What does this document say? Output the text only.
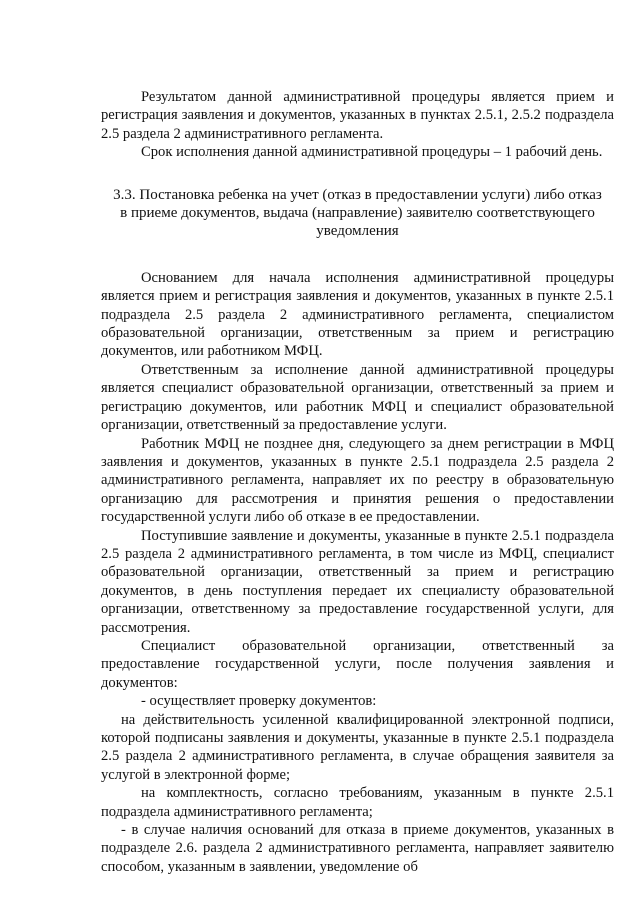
Результатом данной административной процедуры является прием и регистрация заявления и документов, указанных в пунктах 2.5.1, 2.5.2 подраздела 2.5 раздела 2 административного регламента.

Срок исполнения данной административной процедуры – 1 рабочий день.

3.3. Постановка ребенка на учет (отказ в предоставлении услуги) либо отказ в приеме документов, выдача (направление) заявителю соответствующего уведомления

Основанием для начала исполнения административной процедуры является прием и регистрация заявления и документов, указанных в пункте 2.5.1 подраздела 2.5 раздела 2 административного регламента, специалистом образовательной организации, ответственным за прием и регистрацию документов, или работником МФЦ.

Ответственным за исполнение данной административной процедуры является специалист образовательной организации, ответственный за прием и регистрацию документов, или работник МФЦ и специалист образовательной организации, ответственный за предоставление услуги.

Работник МФЦ не позднее дня, следующего за днем регистрации в МФЦ заявления и документов, указанных в пункте 2.5.1 подраздела 2.5 раздела 2 административного регламента, направляет их по реестру в образовательную организацию для рассмотрения и принятия решения о предоставлении государственной услуги либо об отказе в ее предоставлении.

Поступившие заявление и документы, указанные в пункте 2.5.1 подраздела 2.5 раздела 2 административного регламента, в том числе из МФЦ, специалист образовательной организации, ответственный за прием и регистрацию документов, в день поступления передает их специалисту образовательной организации, ответственному за предоставление государственной услуги, для рассмотрения.

Специалист образовательной организации, ответственный за предоставление государственной услуги, после получения заявления и документов:

- осуществляет проверку документов:

на действительность усиленной квалифицированной электронной подписи, которой подписаны заявления и документы, указанные в пункте 2.5.1 подраздела 2.5 раздела 2 административного регламента, в случае обращения заявителя за услугой в электронной форме;

на комплектность, согласно требованиям, указанным в пункте 2.5.1 подраздела административного регламента;

- в случае наличия оснований для отказа в приеме документов, указанных в подразделе 2.6. раздела 2 административного регламента, направляет заявителю способом, указанным в заявлении, уведомление об
